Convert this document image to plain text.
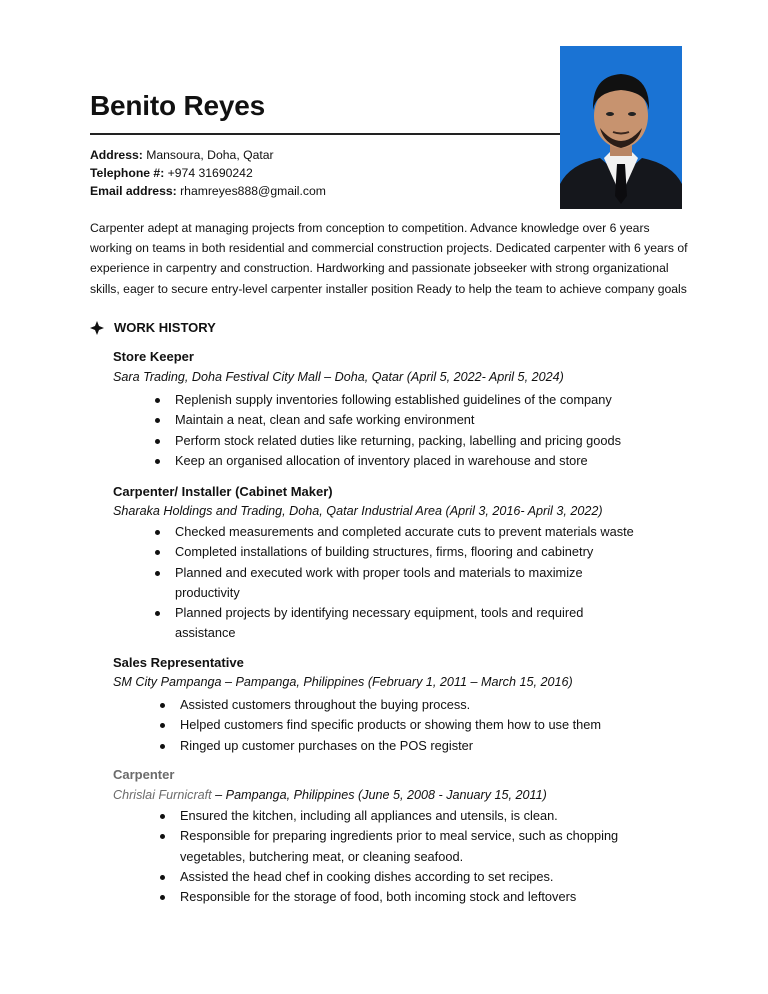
Benito Reyes
Address: Mansoura, Doha, Qatar
Telephone #: +974 31690242
Email address: rhamreyes888@gmail.com

Carpenter adept at managing projects from conception to competition. Advance knowledge over 6 years working on teams in both residential and commercial construction projects. Dedicated carpenter with 6 years of experience in carpentry and construction. Hardworking and passionate jobseeker with strong organizational skills, eager to secure entry-level carpenter installer position Ready to help the team to achieve company goals

WORK HISTORY
Store Keeper
Sara Trading, Doha Festival City Mall – Doha, Qatar (April 5, 2022- April 5, 2024)
Replenish supply inventories following established guidelines of the company
Maintain a neat, clean and safe working environment
Perform stock related duties like returning, packing, labelling and pricing goods
Keep an organised allocation of inventory placed in warehouse and store
Carpenter/ Installer (Cabinet Maker)
Sharaka Holdings and Trading, Doha, Qatar Industrial Area (April 3, 2016- April 3, 2022)
Checked measurements and completed accurate cuts to prevent materials waste
Completed installations of building structures, firms, flooring and cabinetry
Planned and executed work with proper tools and materials to maximize productivity
Planned projects by identifying necessary equipment, tools and required assistance
Sales Representative
SM City Pampanga – Pampanga, Philippines (February 1, 2011 – March 15, 2016)
Assisted customers throughout the buying process.
Helped customers find specific products or showing them how to use them
Ringed up customer purchases on the POS register
Carpenter
Chrislai Furnicraft – Pampanga, Philippines (June 5, 2008 - January 15, 2011)
Ensured the kitchen, including all appliances and utensils, is clean.
Responsible for preparing ingredients prior to meal service, such as chopping vegetables, butchering meat, or cleaning seafood.
Assisted the head chef in cooking dishes according to set recipes.
Responsible for the storage of food, both incoming stock and leftovers
